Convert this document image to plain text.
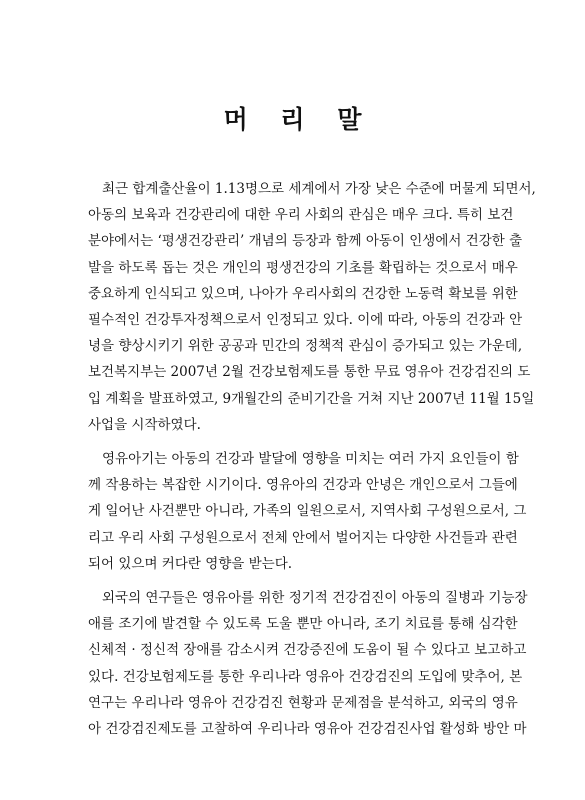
머 리 말

최근 합계출산율이 1.13명으로 세계에서 가장 낮은 수준에 머물게 되면서,
아동의 보육과 건강관리에 대한 우리 사회의 관심은 매우 크다. 특히 보건
분야에서는 ‘평생건강관리’ 개념의 등장과 함께 아동이 인생에서 건강한 출
발을 하도록 돕는 것은 개인의 평생건강의 기초를 확립하는 것으로서 매우
중요하게 인식되고 있으며, 나아가 우리사회의 건강한 노동력 확보를 위한
필수적인 건강투자정책으로서 인정되고 있다. 이에 따라, 아동의 건강과 안
녕을 향상시키기 위한 공공과 민간의 정책적 관심이 증가되고 있는 가운데,
보건복지부는 2007년 2월 건강보험제도를 통한 무료 영유아 건강검진의 도
입 계획을 발표하였고, 9개월간의 준비기간을 거쳐 지난 2007년 11월 15일
사업을 시작하였다.

영유아기는 아동의 건강과 발달에 영향을 미치는 여러 가지 요인들이 함
께 작용하는 복잡한 시기이다. 영유아의 건강과 안녕은 개인으로서 그들에
게 일어난 사건뿐만 아니라, 가족의 일원으로서, 지역사회 구성원으로서, 그
리고 우리 사회 구성원으로서 전체 안에서 벌어지는 다양한 사건들과 관련
되어 있으며 커다란 영향을 받는다.

외국의 연구들은 영유아를 위한 정기적 건강검진이 아동의 질병과 기능장
애를 조기에 발견할 수 있도록 도울 뿐만 아니라, 조기 치료를 통해 심각한
신체적 · 정신적 장애를 감소시켜 건강증진에 도움이 될 수 있다고 보고하고
있다. 건강보험제도를 통한 우리나라 영유아 건강검진의 도입에 맞추어, 본
연구는 우리나라 영유아 건강검진 현황과 문제점을 분석하고, 외국의 영유
아 건강검진제도를 고찰하여 우리나라 영유아 건강검진사업 활성화 방안 마
